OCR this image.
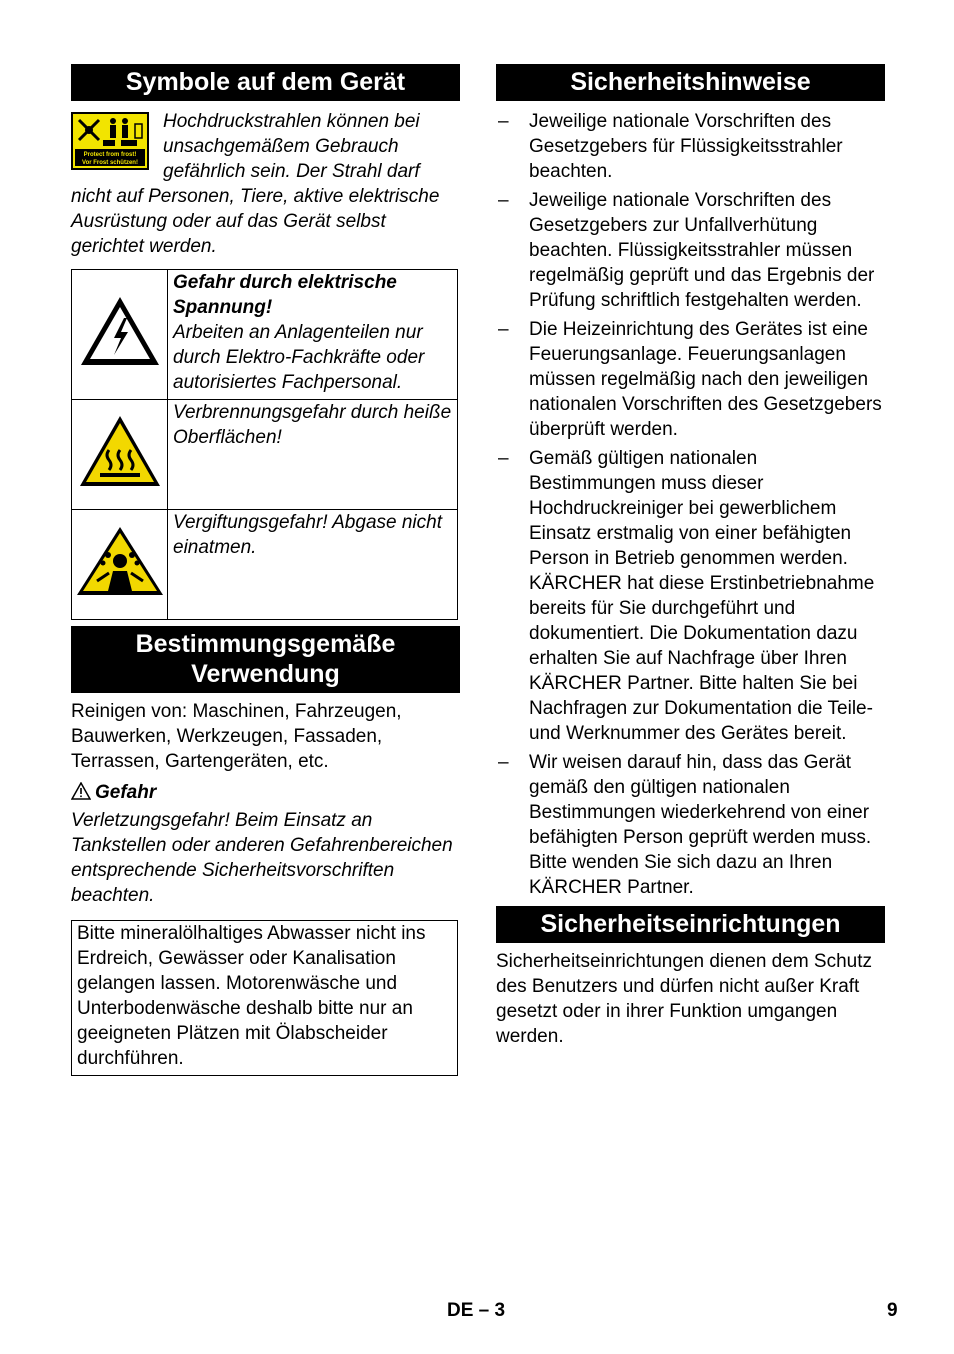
Symbole auf dem Gerät
Protect from frost!
Vor Frost schützen!

Hochdruckstrahlen können bei unsachgemäßem Gebrauch gefährlich sein. Der Strahl darf nicht auf Personen, Tiere, aktive elektrische Ausrüstung oder auf das Gerät selbst gerichtet werden.

Gefahr durch elektrische Spannung!
Arbeiten an Anlagenteilen nur durch Elektro-Fachkräfte oder autorisiertes Fachpersonal.

Verbrennungsgefahr durch heiße Oberflächen!

Vergiftungsgefahr! Abgase nicht einatmen.
Bestimmungsgemäße Verwendung

Reinigen von: Maschinen, Fahrzeugen, Bauwerken, Werkzeugen, Fassaden, Terrassen, Gartengeräten, etc.

Gefahr

Verletzungsgefahr! Beim Einsatz an Tankstellen oder anderen Gefahrenbereichen entsprechende Sicherheitsvorschriften beachten.

Bitte mineralölhaltiges Abwasser nicht ins Erdreich, Gewässer oder Kanalisation gelangen lassen. Motorenwäsche und Unterbodenwäsche deshalb bitte nur an geeigneten Plätzen mit Ölabscheider durchführen.

Sicherheitshinweise
– Jeweilige nationale Vorschriften des Gesetzgebers für Flüssigkeitsstrahler beachten.
– Jeweilige nationale Vorschriften des Gesetzgebers zur Unfallverhütung beachten. Flüssigkeitsstrahler müssen regelmäßig geprüft und das Ergebnis der Prüfung schriftlich festgehalten werden.
– Die Heizeinrichtung des Gerätes ist eine Feuerungsanlage. Feuerungsanlagen müssen regelmäßig nach den jeweiligen nationalen Vorschriften des Gesetzgebers überprüft werden.
– Gemäß gültigen nationalen Bestimmungen muss dieser Hochdruckreiniger bei gewerblichem Einsatz erstmalig von einer befähigten Person in Betrieb genommen werden. KÄRCHER hat diese Erstinbetriebnahme bereits für Sie durchgeführt und dokumentiert. Die Dokumentation dazu erhalten Sie auf Nachfrage über Ihren KÄRCHER Partner. Bitte halten Sie bei Nachfragen zur Dokumentation die Teile- und Werknummer des Gerätes bereit.
– Wir weisen darauf hin, dass das Gerät gemäß den gültigen nationalen Bestimmungen wiederkehrend von einer befähigten Person geprüft werden muss. Bitte wenden Sie sich dazu an Ihren KÄRCHER Partner.
Sicherheitseinrichtungen

Sicherheitseinrichtungen dienen dem Schutz des Benutzers und dürfen nicht außer Kraft gesetzt oder in ihrer Funktion umgangen werden.

DE – 3	9
